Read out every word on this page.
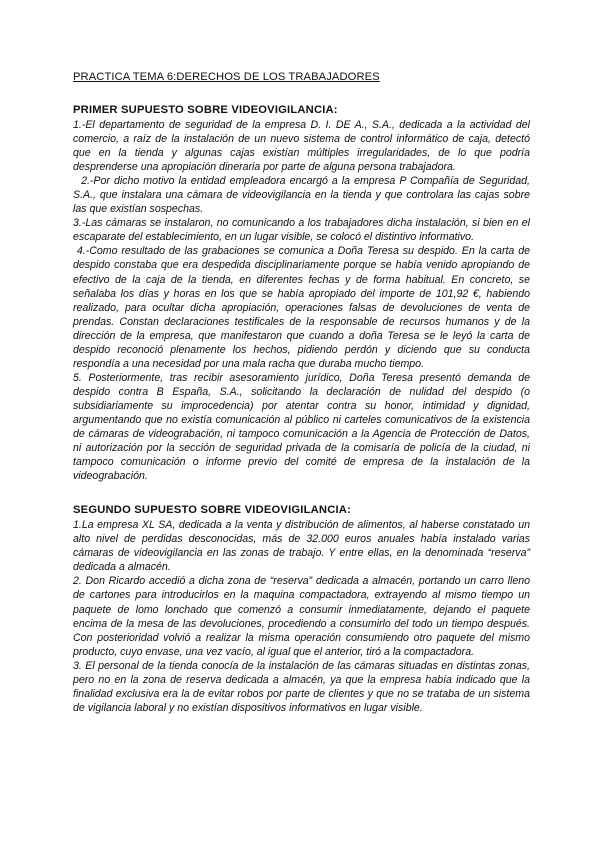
PRACTICA TEMA 6:DERECHOS DE LOS TRABAJADORES
PRIMER SUPUESTO SOBRE VIDEOVIGILANCIA:

1.-El departamento de seguridad de la empresa D. I. DE A., S.A., dedicada a la actividad del comercio, a raíz de la instalación de un nuevo sistema de control informático de caja, detectó que en la tienda y algunas cajas existían múltiples irregularidades, de lo que podría desprenderse una apropiación dineraria por parte de alguna persona trabajadora.

2.-Por dicho motivo la entidad empleadora encargó a la empresa P Compañía de Seguridad, S.A., que instalara una cámara de videovigilancia en la tienda y que controlara las cajas sobre las que existían sospechas.

3.-Las cámaras se instalaron, no comunicando a los trabajadores dicha instalación, si bien en el escaparate del establecimiento, en un lugar visible, se colocó el distintivo informativo.

4.-Como resultado de las grabaciones se comunica a Doña Teresa su despido. En la carta de despido constaba que era despedida disciplinariamente porque se había venido apropiando de efectivo de la caja de la tienda, en diferentes fechas y de forma habitual. En concreto, se señalaba los días y horas en los que se había apropiado del importe de 101,92 €, habiendo realizado, para ocultar dicha apropiación, operaciones falsas de devoluciones de venta de prendas. Constan declaraciones testificales de la responsable de recursos humanos y de la dirección de la empresa, que manifestaron que cuando a doña Teresa se le leyó la carta de despido reconoció plenamente los hechos, pidiendo perdón y diciendo que su conducta respondía a una necesidad por una mala racha que duraba mucho tiempo.

5. Posteriormente, tras recibir asesoramiento jurídico, Doña Teresa presentó demanda de despido contra B España, S.A., solicitando la declaración de nulidad del despido (o subsidiariamente su improcedencia) por atentar contra su honor, intimidad y dignidad, argumentando que no existía comunicación al público ni carteles comunicativos de la existencia de cámaras de videograbación, ni tampoco comunicación a la Agencia de Protección de Datos, ni autorización por la sección de seguridad privada de la comisaría de policía de la ciudad, ni tampoco comunicación o informe previo del comité de empresa de la instalación de la videograbación.

SEGUNDO SUPUESTO SOBRE VIDEOVIGILANCIA:

1.La empresa XL SA, dedicada a la venta y distribución de alimentos, al haberse constatado un alto nivel de perdidas desconocidas, más de 32.000 euros anuales había instalado varias cámaras de videovigilancia en las zonas de trabajo. Y entre ellas, en la denominada “reserva” dedicada a almacén.

2. Don Ricardo accedió a dicha zona de “reserva” dedicada a almacén, portando un carro lleno de cartones para introducirlos en la maquina compactadora, extrayendo al mismo tiempo un paquete de lomo lonchado que comenzó a consumir inmediatamente, dejando el paquete encima de la mesa de las devoluciones, procediendo a consumirlo del todo un tiempo después. Con posterioridad volvió a realizar la misma operación consumiendo otro paquete del mismo producto, cuyo envase, una vez vacío, al igual que el anterior, tiró a la compactadora.

3. El personal de la tienda conocía de la instalación de las cámaras situadas en distintas zonas, pero no en la zona de reserva dedicada a almacén, ya que la empresa había indicado que la finalidad exclusiva era la de evitar robos por parte de clientes y que no se trataba de un sistema de vigilancia laboral y no existían dispositivos informativos en lugar visible.
